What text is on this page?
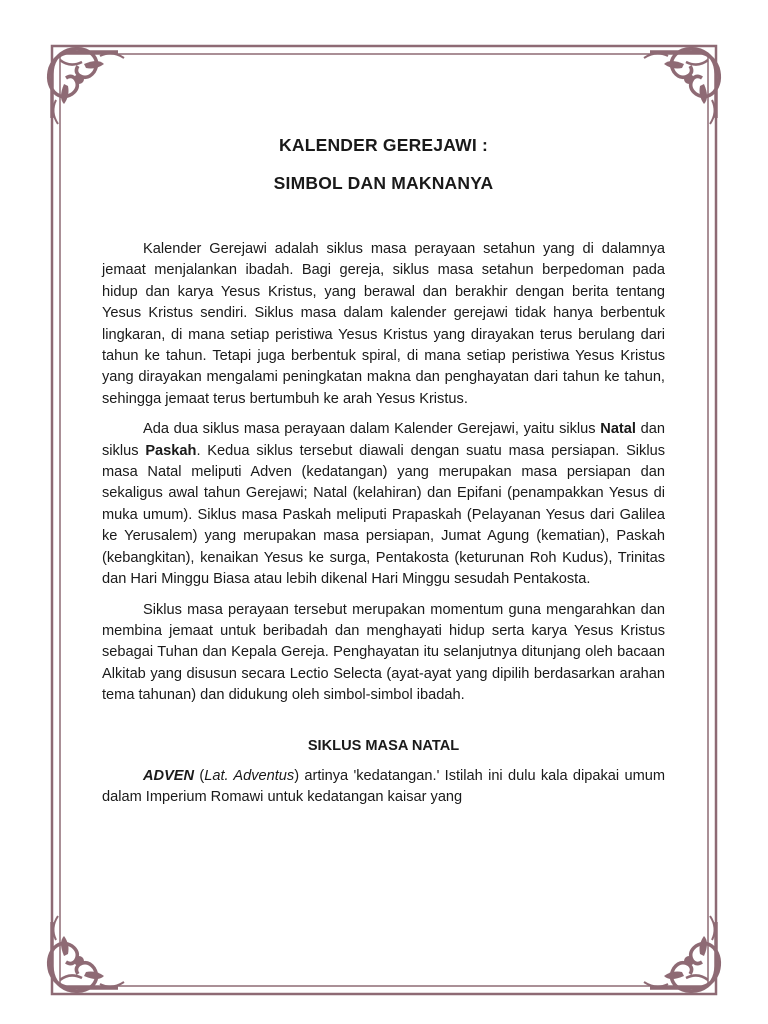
KALENDER GEREJAWI :
SIMBOL DAN MAKNANYA

Kalender Gerejawi adalah siklus masa perayaan setahun yang di dalamnya jemaat menjalankan ibadah. Bagi gereja, siklus masa setahun berpedoman pada hidup dan karya Yesus Kristus, yang berawal dan berakhir dengan berita tentang Yesus Kristus sendiri. Siklus masa dalam kalender gerejawi tidak hanya berbentuk lingkaran, di mana setiap peristiwa Yesus Kristus yang dirayakan terus berulang dari tahun ke tahun. Tetapi juga berbentuk spiral, di mana setiap peristiwa Yesus Kristus yang dirayakan mengalami peningkatan makna dan penghayatan dari tahun ke tahun, sehingga jemaat terus bertumbuh ke arah Yesus Kristus.

Ada dua siklus masa perayaan dalam Kalender Gerejawi, yaitu siklus Natal dan siklus Paskah. Kedua siklus tersebut diawali dengan suatu masa persiapan. Siklus masa Natal meliputi Adven (kedatangan) yang merupakan masa persiapan dan sekaligus awal tahun Gerejawi; Natal (kelahiran) dan Epifani (penampakkan Yesus di muka umum). Siklus masa Paskah meliputi Prapaskah (Pelayanan Yesus dari Galilea ke Yerusalem) yang merupakan masa persiapan, Jumat Agung (kematian), Paskah (kebangkitan), kenaikan Yesus ke surga, Pentakosta (keturunan Roh Kudus), Trinitas dan Hari Minggu Biasa atau lebih dikenal Hari Minggu sesudah Pentakosta.

Siklus masa perayaan tersebut merupakan momentum guna mengarahkan dan membina jemaat untuk beribadah dan menghayati hidup serta karya Yesus Kristus sebagai Tuhan dan Kepala Gereja. Penghayatan itu selanjutnya ditunjang oleh bacaan Alkitab yang disusun secara Lectio Selecta (ayat-ayat yang dipilih berdasarkan arahan tema tahunan) dan didukung oleh simbol-simbol ibadah.

SIKLUS MASA NATAL

ADVEN (Lat. Adventus) artinya 'kedatangan.' Istilah ini dulu kala dipakai umum dalam Imperium Romawi untuk kedatangan kaisar yang
